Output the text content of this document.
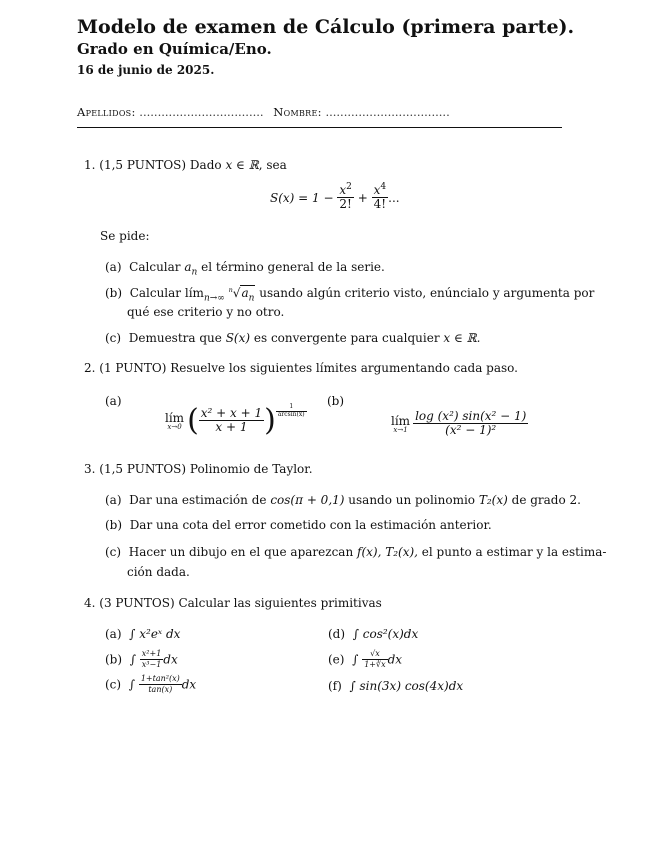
Modelo de examen de Cálculo (primera parte).
Grado en Química/Eno.
16 de junio de 2025.
Apellidos: .................................. Nombre: ..................................
1. (1,5 PUNTOS) Dado x ∈ ℝ, sea
$S(x) = 1 - \frac{x^2}{2!} + \frac{x^4}{4!}$ ...
Se pide:
(a) Calcular $a_n$ el término general de la serie.
(b) Calcular lím$_{n\to\infty}$ $^n√a_n$ usando algún criterio visto, enúncialo y argumenta por
qué ese criterio y no otro.
(c) Demuestra que S(x) es convergente para cualquier x ∈ ℝ.
2. (1 PUNTO) Resuelve los siguientes límites argumentando cada paso.
(a)	(b)
lím
x→0 ( $\frac{\text{x² + x + 1}}{x + 1}$ ) $\frac{1}{\arcsin(x)}$
lím
$x\to 1 \frac{\text{log (x²) sin(x² − 1)}}{\text{(x² − 1)²}}$
3. (1,5 PUNTOS) Polinomio de Taylor.
(a) Dar una estimación de cos(π + 0,1) usando un polinomio T₂(x) de grado 2.
(b) Dar una cota del error cometido con la estimación anterior.
(c) Hacer un dibujo en el que aparezcan f(x), T₂(x), el punto a estimar y la estima-
ción dada.
4. (3 PUNTOS) Calcular las siguientes primitivas
(a) ∫ x²eˣ dx	(d) ∫ cos²(x)dx
(b) ∫ $\frac{\text{x²+1}}{\text{x³−1}}$ dx	(e) ∫ $\frac{√x}{1+∛x}$ dx
(c) ∫ $\frac{\text{1+tan²(x)}}{\tan(x)}$ dx	(f) ∫ sin(3x) cos(4x)dx
